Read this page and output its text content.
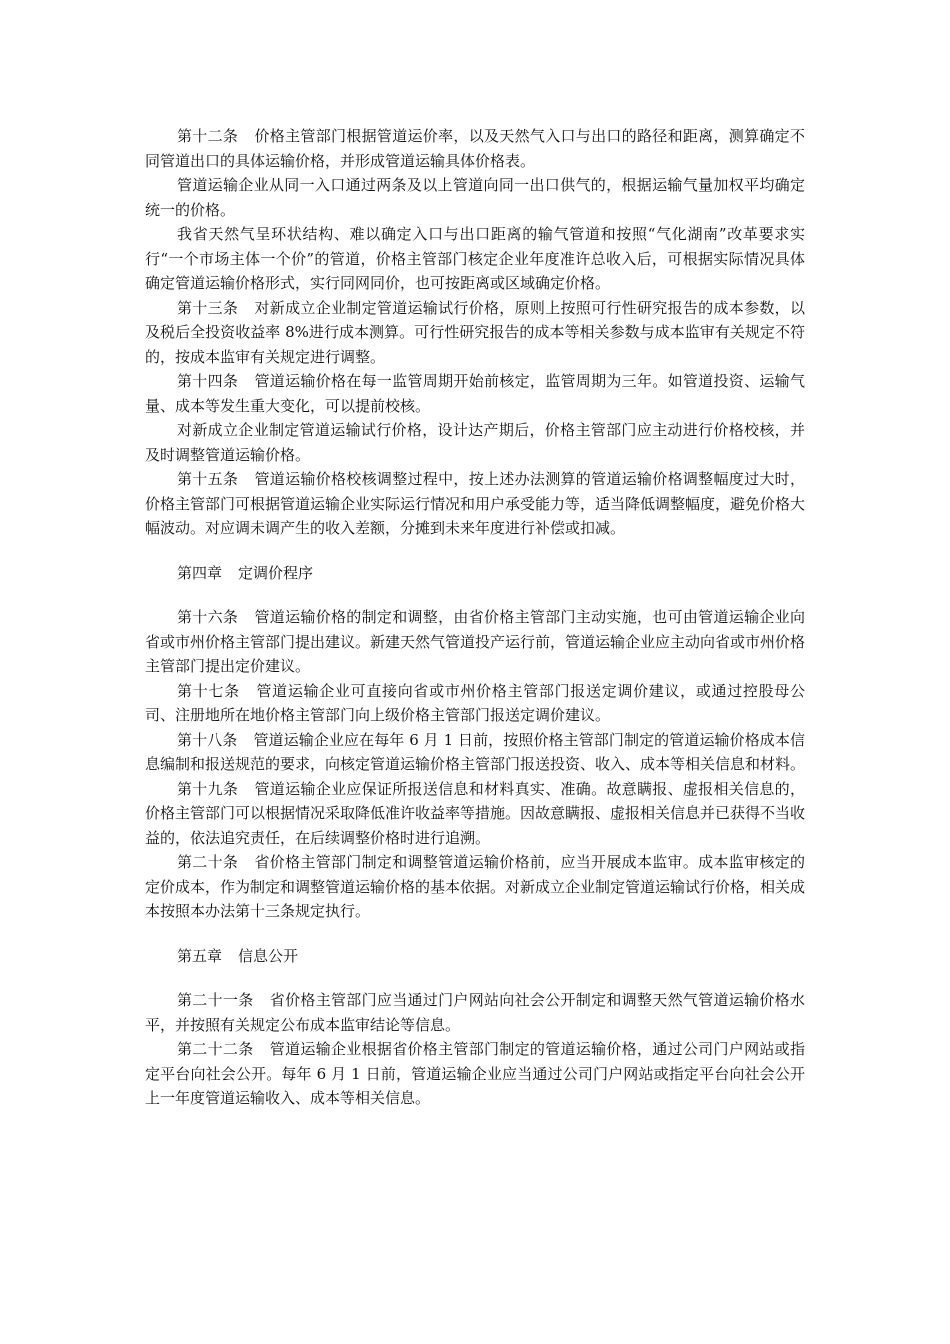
第十二条 价格主管部门根据管道运价率，以及天然气入口与出口的路径和距离，测算确定不同管道出口的具体运输价格，并形成管道运输具体价格表。

管道运输企业从同一入口通过两条及以上管道向同一出口供气的，根据运输气量加权平均确定统一的价格。

我省天然气呈环状结构、难以确定入口与出口距离的输气管道和按照“气化湖南”改革要求实行“一个市场主体一个价”的管道，价格主管部门核定企业年度准许总收入后，可根据实际情况具体确定管道运输价格形式，实行同网同价，也可按距离或区域确定价格。

第十三条 对新成立企业制定管道运输试行价格，原则上按照可行性研究报告的成本参数，以及税后全投资收益率 8%进行成本测算。可行性研究报告的成本等相关参数与成本监审有关规定不符的，按成本监审有关规定进行调整。

第十四条 管道运输价格在每一监管周期开始前核定，监管周期为三年。如管道投资、运输气量、成本等发生重大变化，可以提前校核。

对新成立企业制定管道运输试行价格，设计达产期后，价格主管部门应主动进行价格校核，并及时调整管道运输价格。

第十五条 管道运输价格校核调整过程中，按上述办法测算的管道运输价格调整幅度过大时，价格主管部门可根据管道运输企业实际运行情况和用户承受能力等，适当降低调整幅度，避免价格大幅波动。对应调未调产生的收入差额，分摊到未来年度进行补偿或扣减。

第四章 定调价程序

第十六条 管道运输价格的制定和调整，由省价格主管部门主动实施，也可由管道运输企业向省或市州价格主管部门提出建议。新建天然气管道投产运行前，管道运输企业应主动向省或市州价格主管部门提出定价建议。

第十七条 管道运输企业可直接向省或市州价格主管部门报送定调价建议，或通过控股母公司、注册地所在地价格主管部门向上级价格主管部门报送定调价建议。

第十八条 管道运输企业应在每年 6 月 1 日前，按照价格主管部门制定的管道运输价格成本信息编制和报送规范的要求，向核定管道运输价格主管部门报送投资、收入、成本等相关信息和材料。

第十九条 管道运输企业应保证所报送信息和材料真实、准确。故意瞒报、虚报相关信息的，价格主管部门可以根据情况采取降低准许收益率等措施。因故意瞒报、虚报相关信息并已获得不当收益的，依法追究责任，在后续调整价格时进行追溯。

第二十条 省价格主管部门制定和调整管道运输价格前，应当开展成本监审。成本监审核定的定价成本，作为制定和调整管道运输价格的基本依据。对新成立企业制定管道运输试行价格，相关成本按照本办法第十三条规定执行。

第五章 信息公开

第二十一条 省价格主管部门应当通过门户网站向社会公开制定和调整天然气管道运输价格水平，并按照有关规定公布成本监审结论等信息。

第二十二条 管道运输企业根据省价格主管部门制定的管道运输价格，通过公司门户网站或指定平台向社会公开。每年 6 月 1 日前，管道运输企业应当通过公司门户网站或指定平台向社会公开上一年度管道运输收入、成本等相关信息。
